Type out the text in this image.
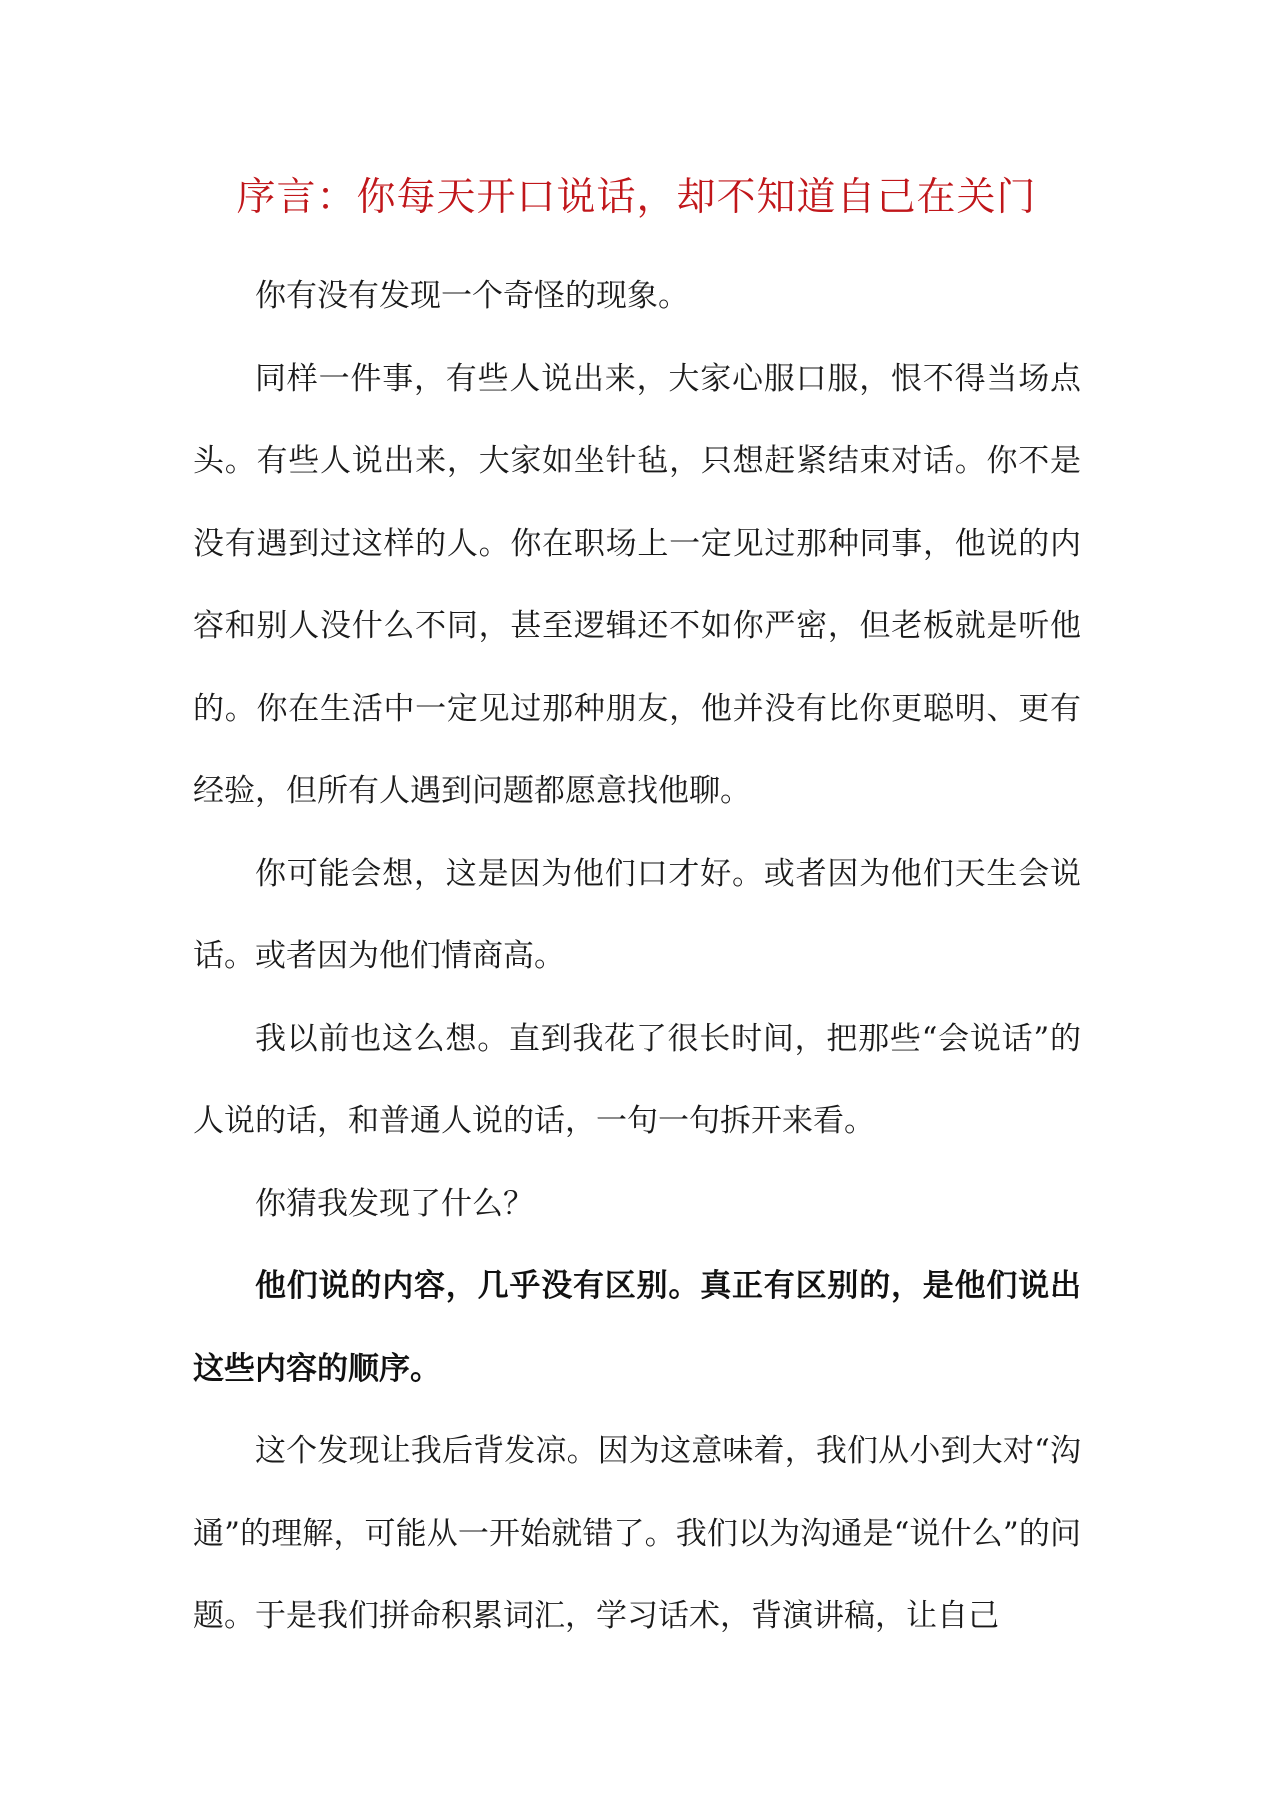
序言：你每天开口说话，却不知道自己在关门

你有没有发现一个奇怪的现象。

同样一件事，有些人说出来，大家心服口服，恨不得当场点头。有些人说出来，大家如坐针毡，只想赶紧结束对话。你不是没有遇到过这样的人。你在职场上一定见过那种同事，他说的内容和别人没什么不同，甚至逻辑还不如你严密，但老板就是听他的。你在生活中一定见过那种朋友，他并没有比你更聪明、更有经验，但所有人遇到问题都愿意找他聊。

你可能会想，这是因为他们口才好。或者因为他们天生会说话。或者因为他们情商高。

我以前也这么想。直到我花了很长时间，把那些“会说话”的人说的话，和普通人说的话，一句一句拆开来看。

你猜我发现了什么？

他们说的内容，几乎没有区别。真正有区别的，是他们说出这些内容的顺序。

这个发现让我后背发凉。因为这意味着，我们从小到大对“沟通”的理解，可能从一开始就错了。我们以为沟通是“说什么”的问题。于是我们拼命积累词汇，学习话术，背演讲稿，让自己
